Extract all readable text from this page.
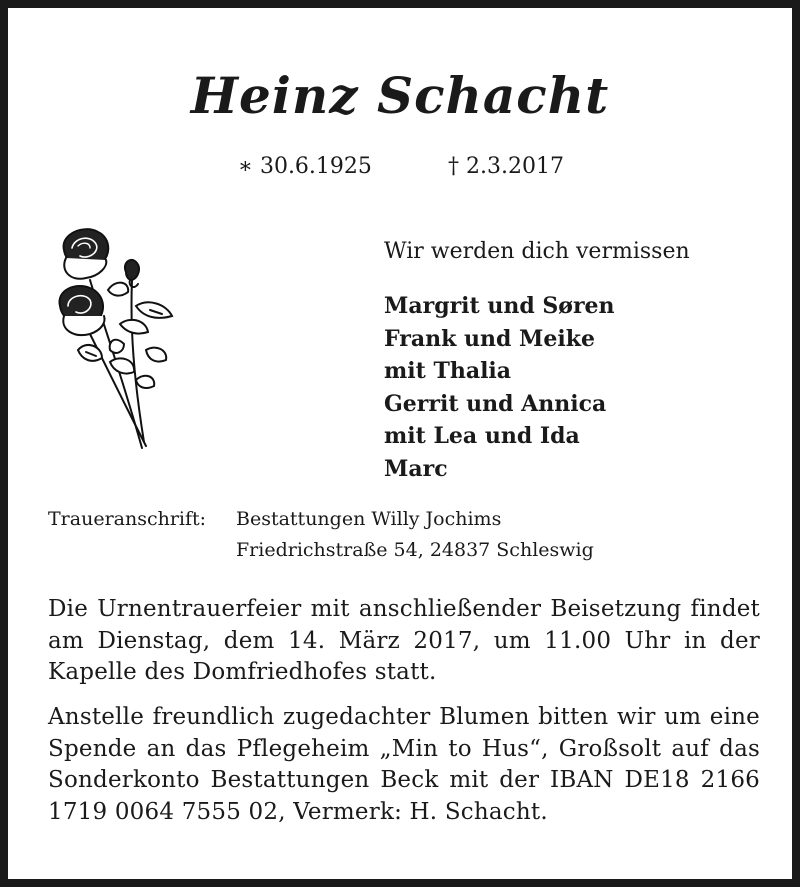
Heinz Schacht
∗ 30.6.1925	† 2.3.2017
Wir werden dich vermissen
Margrit und Søren
Frank und Meike
mit Thalia
Gerrit und Annica
mit Lea und Ida
Marc
Traueranschrift: Bestattungen Willy Jochims
Friedrichstraße 54, 24837 Schleswig
Die Urnentrauerfeier mit anschließender Beisetzung findet am Dienstag, dem 14. März 2017, um 11.00 Uhr in der Kapelle des Domfriedhofes statt.
Anstelle freundlich zugedachter Blumen bitten wir um eine Spende an das Pflegeheim „Min to Hus“, Großsolt auf das Sonderkonto Bestattungen Beck mit der IBAN DE18 2166 1719 0064 7555 02, Vermerk: H. Schacht.
